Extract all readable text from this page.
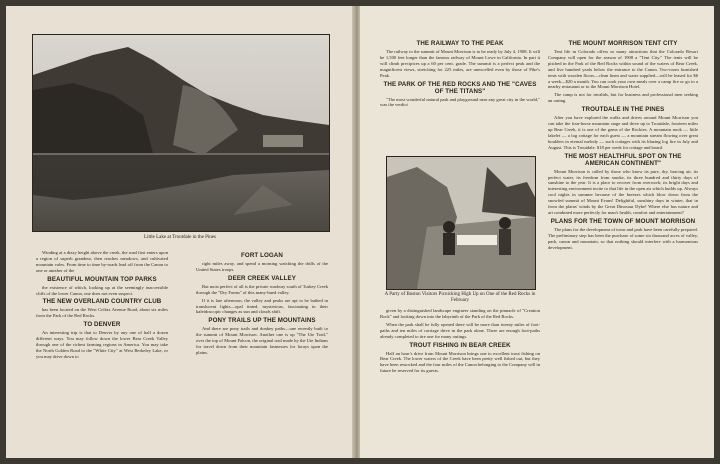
Little Lake at Troutdale in the Pines

Winding at a dizzy height above the creek, the road first enters upon a region of superb grandeur, then reaches meadows, and cultivated mountain vales. From time to time by-roads lead off from the Canon to one or another of the

BEAUTIFUL MOUNTAIN TOP PARKS

the existence of which, looking up at the seemingly inaccessible cliffs of the lower Canon, one does not even suspect.

THE NEW OVERLAND COUNTRY CLUB

has been located on the West Colfax Avenue Road, about six miles from the Park of the Red Rocks.

TO DENVER

An interesting trip is that to Denver by any one of half a dozen different ways. You may follow down the lower Bear Creek Valley through one of the richest farming regions in America. You may take the North Golden Road to the "White City" at West Berkeley Lake, or you may drive down to

FORT LOGAN

right miles away, and spend a morning watching the drills of the United States troops.

DEER CREEK VALLEY

But most perfect of all is the private roadway south of Turkey Creek through the "Dry Farms" of this many-hued valley.

If it is late afternoon, the valley and peaks are apt to be bathed in translucent lights—opal tinted, mysterious, fascinating in their kaleidoscopic changes as sun and clouds shift.

PONY TRAILS UP THE MOUNTAINS

And there are pony trails and donkey paths—one recently built to the summit of Mount Morrison. Another one is up "The Ute Trail," over the top of Mount Falcon, the original trail made by the Ute Indians for travel down from their mountain fastnesses for forays upon the plains.

THE RAILWAY TO THE PEAK

The railway to the summit of Mount Morrison is to be ready by July 4, 1908. It will be 1,500 feet longer than the famous railway of Mount Lowe in California. In part it will climb precipices up a 60 per cent. grade. The summit is a perfect peak and the magnificent views, stretching for 225 miles, are unexcelled even by those of Pike's Peak.

THE PARK OF THE RED ROCKS AND THE "CAVES OF THE TITANS"

"The most wonderful natural park and playground near any great city in the world," was the verdict

A Party of Boston Visitors Picnicking High Up on One of the Red Rocks in February

given by a distinguished landscape engineer standing on the pinnacle of "Creation Rock" and looking down into the labyrinth of the Park of the Red Rocks.

When the park shall be fully opened there will be more than twenty miles of foot-paths and ten miles of carriage drive in the park alone. There are enough foot-paths already completed to tire one for many outings.

TROUT FISHING IN BEAR CREEK

Half an hour's drive from Mount Morrison brings one to excellent trout fishing on Bear Creek. The lower waters of the Creek have been pretty well fished out, but they have been restocked and the four miles of the Canon belonging to the Company will in future be reserved for its guests.

THE MOUNT MORRISON TENT CITY

Tent life in Colorado offers so many attractions that the Colorado Resort Company will open for the season of 1908 a "Tent City." The tents will be pitched in the Park of the Red Rocks within sound of the waters of Bear Creek, and five hundred yards below the entrance to the Canon. Two-room furnished tents with wooden floors—clean linen and water supplied—will be leased for $6 a week—$20 a month. You can cook your own meals over a camp fire or go to a nearby restaurant or to the Mount Morrison Hotel.

The camp is not for invalids, but for business and professional men seeking an outing.

TROUTDALE IN THE PINES

After you have explored the walks and drives around Mount Morrison you can take the four-horse mountain stage and drive up to Troutdale, fourteen miles up Bear Creek, it is one of the gems of the Rockies. A mountain nook — little lakelet — a log cottage for each guest — a mountain stream flowing over great boulders in eternal melody — such cottages with its blazing log fire in July and August. This is Troutdale. $18 per week for cottage and board.

THE MOST HEALTHFUL SPOT ON THE AMERICAN CONTINENT"

Mount Morrison is called by those who know its pure, dry, bracing air, its perfect water, its freedom from smoke, its three hundred and thirty days of sunshine to the year. It is a place to recover from overwork; its bright days and interesting environment incite to that life in the open air which builds up. Always cool nights in summer because of the breezes which blow down from the snowfed summit of Mount Evans! Delightful, sunshiny days in winter, that in from the plains' winds by the Great Dinosaur Dyke! Where else has nature and art combined more perfectly for man's health, comfort and entertainment?

PLANS FOR THE TOWN OF MOUNT MORRISON

The plans for the development of town and park have been carefully prepared. The preliminary step has been the purchase of some six thousand acres of valley, park, canon and mountain, so that nothing should interfere with a harmonious development.
